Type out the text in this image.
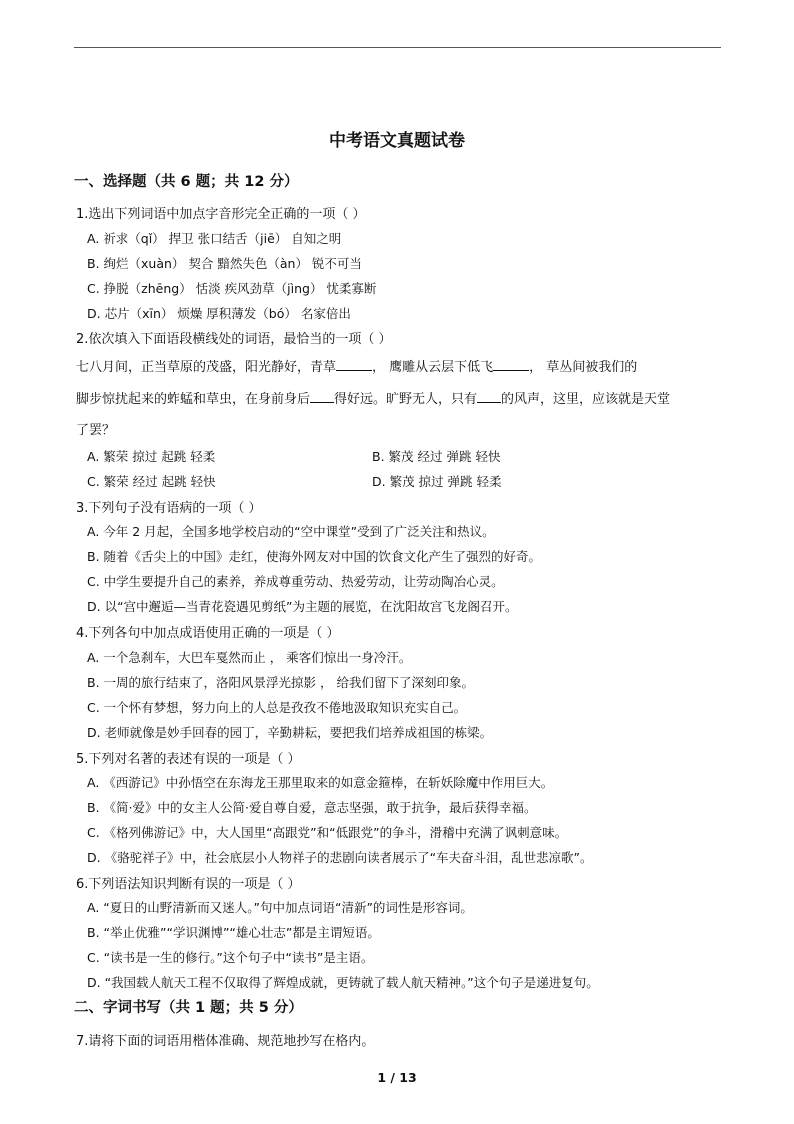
中考语文真题试卷
一、选择题（共 6 题；共 12 分）
1.选出下列词语中加点字音形完全正确的一项（ ）
A. 祈求（qǐ） 捍卫 张口结舌（jiē） 自知之明
B. 绚烂（xuàn） 契合 黯然失色（àn） 锐不可当
C. 挣脱（zhēng） 恬淡 疾风劲草（jìng） 忧柔寡断
D. 芯片（xīn） 烦燥 厚积薄发（bó） 名家倍出
2.依次填入下面语段横线处的词语，最恰当的一项（ ）
七八月间，正当草原的茂盛，阳光静好，青草	， 鹰雕从云层下低飞	， 草丛间被我们的
脚步惊扰起来的蚱蜢和草虫，在身前身后 得好远。旷野无人，只有 的风声，这里，应该就是天堂
了罢？
A. 繁荣 掠过 起跳 轻柔	B. 繁茂 经过 弹跳 轻快
C. 繁荣 经过 起跳 轻快	D. 繁茂 掠过 弹跳 轻柔
3.下列句子没有语病的一项（ ）
A. 今年 2 月起，全国多地学校启动的“空中课堂”受到了广泛关注和热议。
B. 随着《舌尖上的中国》走红，使海外网友对中国的饮食文化产生了强烈的好奇。
C. 中学生要提升自己的素养，养成尊重劳动、热爱劳动，让劳动陶冶心灵。
D. 以“宫中邂逅—当青花瓷遇见剪纸”为主题的展览，在沈阳故宫飞龙阁召开。
4.下列各句中加点成语使用正确的一项是（ ）
A. 一个急刹车，大巴车戛然而止 ， 乘客们惊出一身冷汗。
B. 一周的旅行结束了，洛阳风景浮光掠影 ， 给我们留下了深刻印象。
C. 一个怀有梦想，努力向上的人总是孜孜不倦地汲取知识充实自己。
D. 老师就像是妙手回春的园丁，辛勤耕耘，要把我们培养成祖国的栋梁。
5.下列对名著的表述有误的一项是（ ）
A. 《西游记》中孙悟空在东海龙王那里取来的如意金箍棒，在斩妖除魔中作用巨大。
B. 《简·爱》中的女主人公简·爱自尊自爱，意志坚强，敢于抗争，最后获得幸福。
C. 《格列佛游记》中，大人国里“高跟党”和“低跟党”的争斗，滑稽中充满了讽刺意味。
D. 《骆驼祥子》中，社会底层小人物祥子的悲剧向读者展示了“车夫奋斗泪，乱世悲凉歌”。
6.下列语法知识判断有误的一项是（ ）
A. “夏日的山野清新而又迷人。”句中加点词语“清新”的词性是形容词。
B. “举止优雅”“学识渊博”“雄心壮志”都是主谓短语。
C. “读书是一生的修行。”这个句子中“读书”是主语。
D. “我国载人航天工程不仅取得了辉煌成就，更铸就了载人航天精神。”这个句子是递进复句。
二、字词书写（共 1 题；共 5 分）
7.请将下面的词语用楷体准确、规范地抄写在格内。
1 / 13
